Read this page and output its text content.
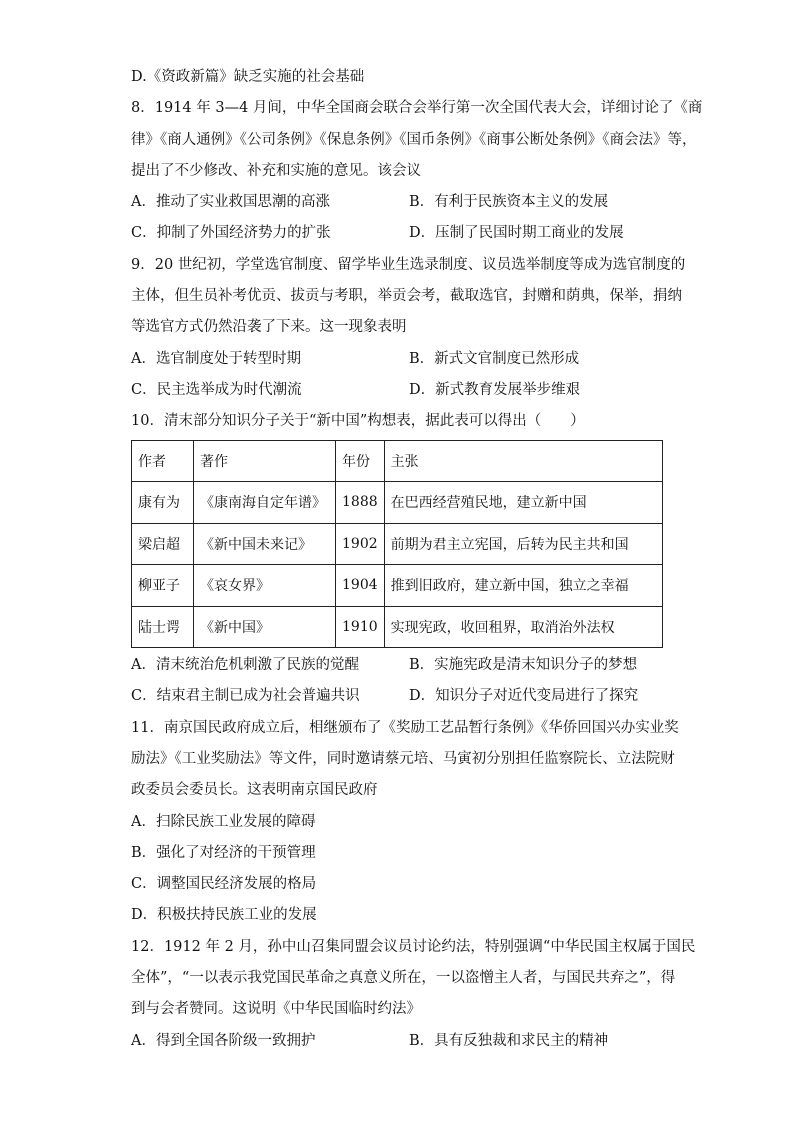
D.《资政新篇》缺乏实施的社会基础
8．1914 年 3—4 月间，中华全国商会联合会举行第一次全国代表大会，详细讨论了《商
律》《商人通例》《公司条例》《保息条例》《国币条例》《商事公断处条例》《商会法》等，
提出了不少修改、补充和实施的意见。该会议
A．推动了实业救国思潮的高涨	B．有利于民族资本主义的发展
C．抑制了外国经济势力的扩张	D．压制了民国时期工商业的发展
9．20 世纪初，学堂选官制度、留学毕业生选录制度、议员选举制度等成为选官制度的
主体，但生员补考优贡、拔贡与考职，举贡会考，截取选官，封赠和荫典，保举，捐纳
等选官方式仍然沿袭了下来。这一现象表明
A．选官制度处于转型时期	B．新式文官制度已然形成
C．民主选举成为时代潮流	D．新式教育发展举步维艰
10．清末部分知识分子关于“新中国”构想表，据此表可以得出（　　）
作者	著作	年份	主张
康有为	《康南海自定年谱》	1888	在巴西经营殖民地，建立新中国
梁启超	《新中国未来记》	1902	前期为君主立宪国，后转为民主共和国
柳亚子	《哀女界》	1904	推到旧政府，建立新中国，独立之幸福
陆士谔	《新中国》	1910	实现宪政，收回租界，取消治外法权
A．清末统治危机刺激了民族的觉醒	B．实施宪政是清末知识分子的梦想
C．结束君主制已成为社会普遍共识	D．知识分子对近代变局进行了探究
11．南京国民政府成立后，相继颁布了《奖励工艺品暂行条例》《华侨回国兴办实业奖
励法》《工业奖励法》等文件，同时邀请蔡元培、马寅初分别担任监察院长、立法院财
政委员会委员长。这表明南京国民政府
A．扫除民族工业发展的障碍
B．强化了对经济的干预管理
C．调整国民经济发展的格局
D．积极扶持民族工业的发展
12．1912 年 2 月，孙中山召集同盟会议员讨论约法，特别强调“中华民国主权属于国民
全体”，“一以表示我党国民革命之真意义所在，一以盗憎主人者，与国民共弃之”，得
到与会者赞同。这说明《中华民国临时约法》
A．得到全国各阶级一致拥护	B．具有反独裁和求民主的精神
